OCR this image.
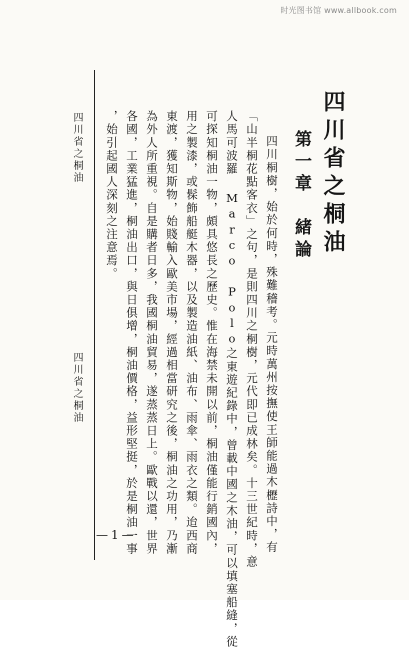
时光图书馆 www.allbook.com
四川省之桐油
四川省之桐油
四川省之桐油
第一章　緒論
四川桐樹，始於何時，殊難稽考。元時萬州按撫使王師能過木櫪詩中，有
「山半桐花點客衣」之句，是則四川之桐樹，元代即已成林矣。十三世紀時，意
人馬可波羅 Marco Polo之東遊紀錄中，曾載中國之木油，可以填塞船縫，從
可探知桐油一物，頗具悠長之歷史。惟在海禁未開以前，桐油僅能行銷國內，
用之製漆，或髹飾船艇木器，以及製造油紙、油布、雨傘、雨衣之類。迨西商
東渡，獲知斯物，始賤輸入歐美市場，經過相當研究之後，桐油之功用，乃漸
為外人所重視。自是購者日多，我國桐油貿易，遂蒸蒸日上。歐戰以還，世界
各國，工業猛進，桐油出口，與日俱增，桐油價格，益形堅挺，於是桐油一事
，始引起國人深刻之注意焉。
—1—
